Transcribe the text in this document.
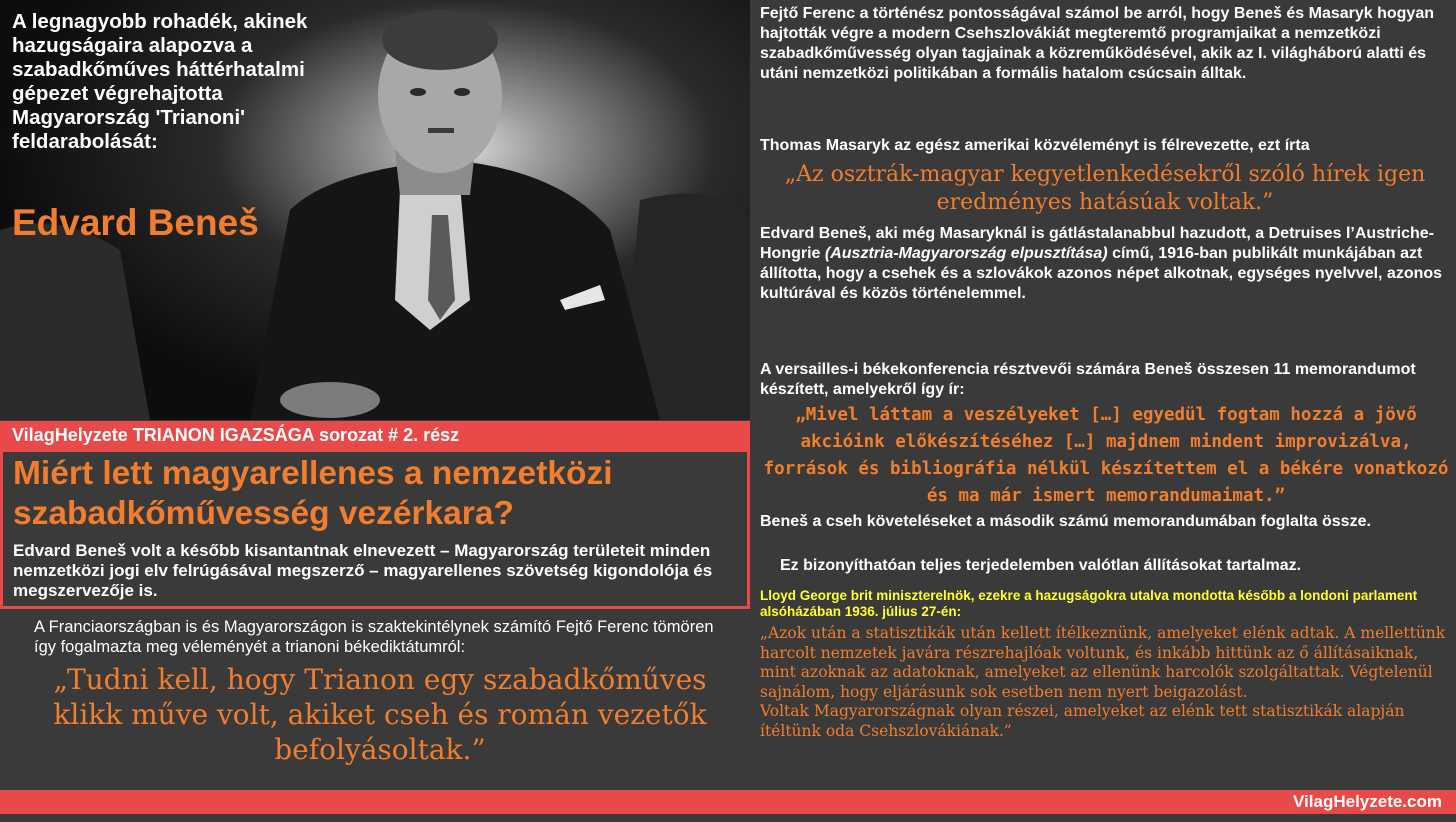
A legnagyobb rohadék, akinek hazugságaira alapozva a szabadkőműves háttérhatalmi gépezet végrehajtotta Magyarország 'Trianoni' feldarabolását:
Edvard Beneš
VilagHelyzete TRIANON IGAZSÁGA sorozat # 2. rész
Miért lett magyarellenes a nemzetközi szabadkőművesség vezérkara?
Edvard Beneš volt a később kisantantnak elnevezett – Magyarország területeit minden nemzetközi jogi elv felrúgásával megszerző – magyarellenes szövetség kigondolója és megszervezője is.
A Franciaországban is és Magyarországon is szaktekintélynek számító Fejtő Ferenc tömören így fogalmazta meg véleményét a trianoni békediktátumról:
„Tudni kell, hogy Trianon egy szabadkőműves klikk műve volt, akiket cseh és román vezetők befolyásoltak.”
Fejtő Ferenc a történész pontosságával számol be arról, hogy Beneš és Masaryk hogyan hajtották végre a modern Csehszlovákiát megteremtő programjaikat a nemzetközi szabadkőművesség olyan tagjainak a közreműködésével, akik az I. világháború alatti és utáni nemzetközi politikában a formális hatalom csúcsain álltak.
Thomas Masaryk az egész amerikai közvéleményt is félrevezette, ezt írta
„Az osztrák-magyar kegyetlenkedésekről szóló hírek igen eredményes hatásúak voltak.”
Edvard Beneš, aki még Masaryknál is gátlástalanabbul hazudott, a Detruises l’Austriche-Hongrie (Ausztria-Magyarország elpusztítása) című, 1916-ban publikált munkájában azt állította, hogy a csehek és a szlovákok azonos népet alkotnak, egységes nyelvvel, azonos kultúrával és közös történelemmel.
A versailles-i békekonferencia résztvevői számára Beneš összesen 11 memorandumot készített, amelyekről így ír:
„Mivel láttam a veszélyeket […] egyedül fogtam hozzá a jövő akcióink előkészítéséhez […] majdnem mindent improvizálva, források és bibliográfia nélkül készítettem el a békére vonatkozó és ma már ismert memorandumaimat.”
Beneš a cseh követeléseket a második számú memorandumában foglalta össze.
Ez bizonyíthatóan teljes terjedelemben valótlan állításokat tartalmaz.
Lloyd George brit miniszterelnök, ezekre a hazugságokra utalva mondotta később a londoni parlament alsóházában 1936. július 27-én:
„Azok után a statisztikák után kellett ítélkeznünk, amelyeket elénk adtak. A mellettünk harcolt nemzetek javára részrehajlóak voltunk, és inkább hittünk az ő állításaiknak, mint azoknak az adatoknak, amelyeket az ellenünk harcolók szolgáltattak. Végtelenül sajnálom, hogy eljárásunk sok esetben nem nyert beigazolást.
Voltak Magyarországnak olyan részei, amelyeket az elénk tett statisztikák alapján ítéltünk oda Csehszlovákiának.”
VilagHelyzete.com
